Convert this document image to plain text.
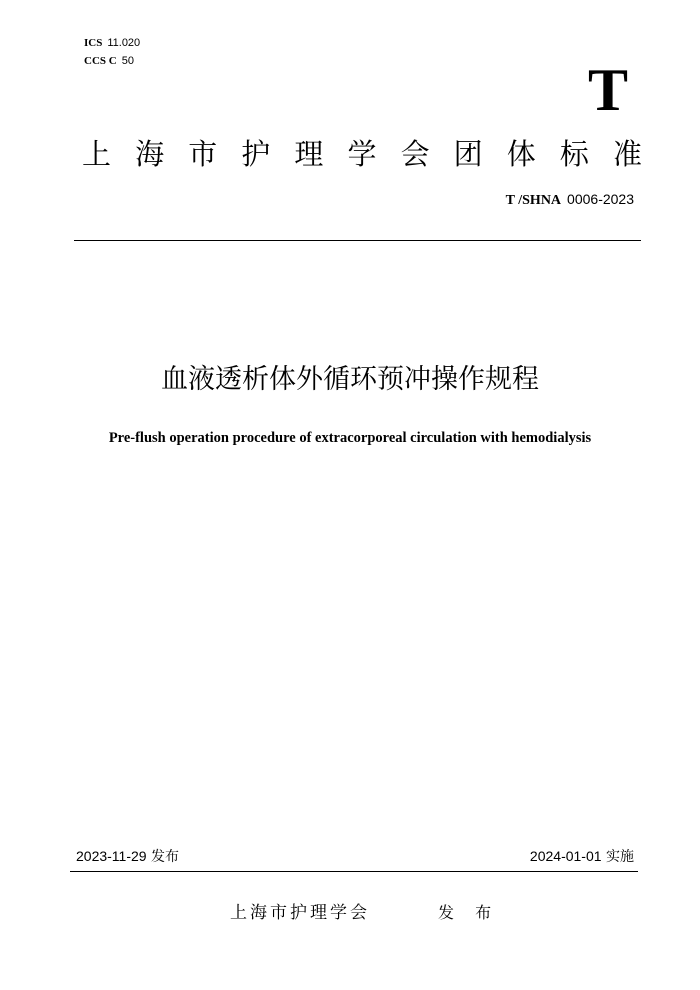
ICS 11.020
CCS C 50	T
上 海 市 护 理 学 会 团 体 标 准
T /SHNA 0006-2023
血液透析体外循环预冲操作规程
Pre-flush operation procedure of extracorporeal circulation with hemodialysis
2023-11-29 发布	2024-01-01 实施
上海市护理学会	发 布
